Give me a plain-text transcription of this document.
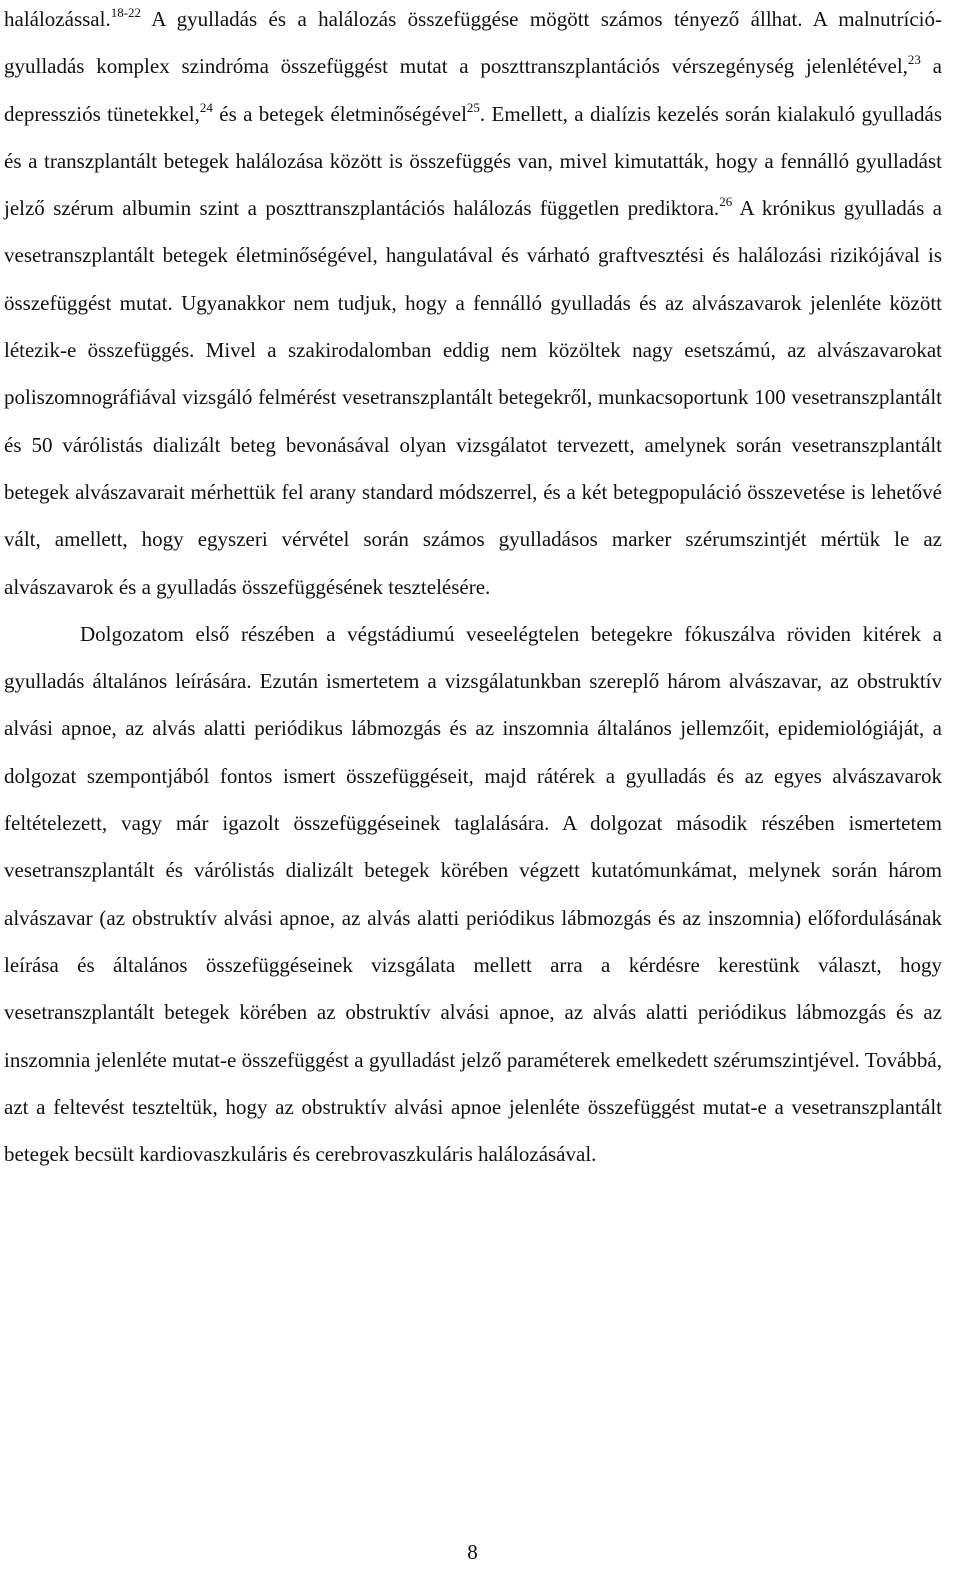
halálozással.$^{18-22}$ A gyulladás és a halálozás összefüggése mögött számos tényező állhat. A malnutríció-gyulladás komplex szindróma összefüggést mutat a poszttranszplantációs vérszegénység jelenlétével,$^{23}$ a depressziós tünetekkel,$^{24}$ és a betegek életminőségével$^{25}$. Emellett, a dialízis kezelés során kialakuló gyulladás és a transzplantált betegek halálozása között is összefüggés van, mivel kimutatták, hogy a fennálló gyulladást jelző szérum albumin szint a poszttranszplantációs halálozás független prediktora.$^{26}$ A krónikus gyulladás a vesetranszplantált betegek életminőségével, hangulatával és várható graftvesztési és halálozási rizikójával is összefüggést mutat. Ugyanakkor nem tudjuk, hogy a fennálló gyulladás és az alvászavarok jelenléte között létezik-e összefüggés. Mivel a szakirodalomban eddig nem közöltek nagy esetszámú, az alvászavarokat poliszomnográfiával vizsgáló felmérést vesetranszplantált betegekről, munkacsoportunk 100 vesetranszplantált és 50 várólistás dializált beteg bevonásával olyan vizsgálatot tervezett, amelynek során vesetranszplantált betegek alvászavarait mérhettük fel arany standard módszerrel, és a két betegpopuláció összevetése is lehetővé vált, amellett, hogy egyszeri vérvétel során számos gyulladásos marker szérumszintjét mértük le az alvászavarok és a gyulladás összefüggésének tesztelésére.

Dolgozatom első részében a végstádiumú veseelégtelen betegekre fókuszálva röviden kitérek a gyulladás általános leírására. Ezután ismertetem a vizsgálatunkban szereplő három alvászavar, az obstruktív alvási apnoe, az alvás alatti periódikus lábmozgás és az inszomnia általános jellemzőit, epidemiológiáját, a dolgozat szempontjából fontos ismert összefüggéseit, majd rátérek a gyulladás és az egyes alvászavarok feltételezett, vagy már igazolt összefüggéseinek taglalására. A dolgozat második részében ismertetem vesetranszplantált és várólistás dializált betegek körében végzett kutatómunkámat, melynek során három alvászavar (az obstruktív alvási apnoe, az alvás alatti periódikus lábmozgás és az inszomnia) előfordulásának leírása és általános összefüggéseinek vizsgálata mellett arra a kérdésre kerestünk választ, hogy vesetranszplantált betegek körében az obstruktív alvási apnoe, az alvás alatti periódikus lábmozgás és az inszomnia jelenléte mutat-e összefüggést a gyulladást jelző paraméterek emelkedett szérumszintjével. Továbbá, azt a feltevést teszteltük, hogy az obstruktív alvási apnoe jelenléte összefüggést mutat-e a vesetranszplantált betegek becsült kardiovaszkuláris és cerebrovaszkuláris halálozásával.

8
